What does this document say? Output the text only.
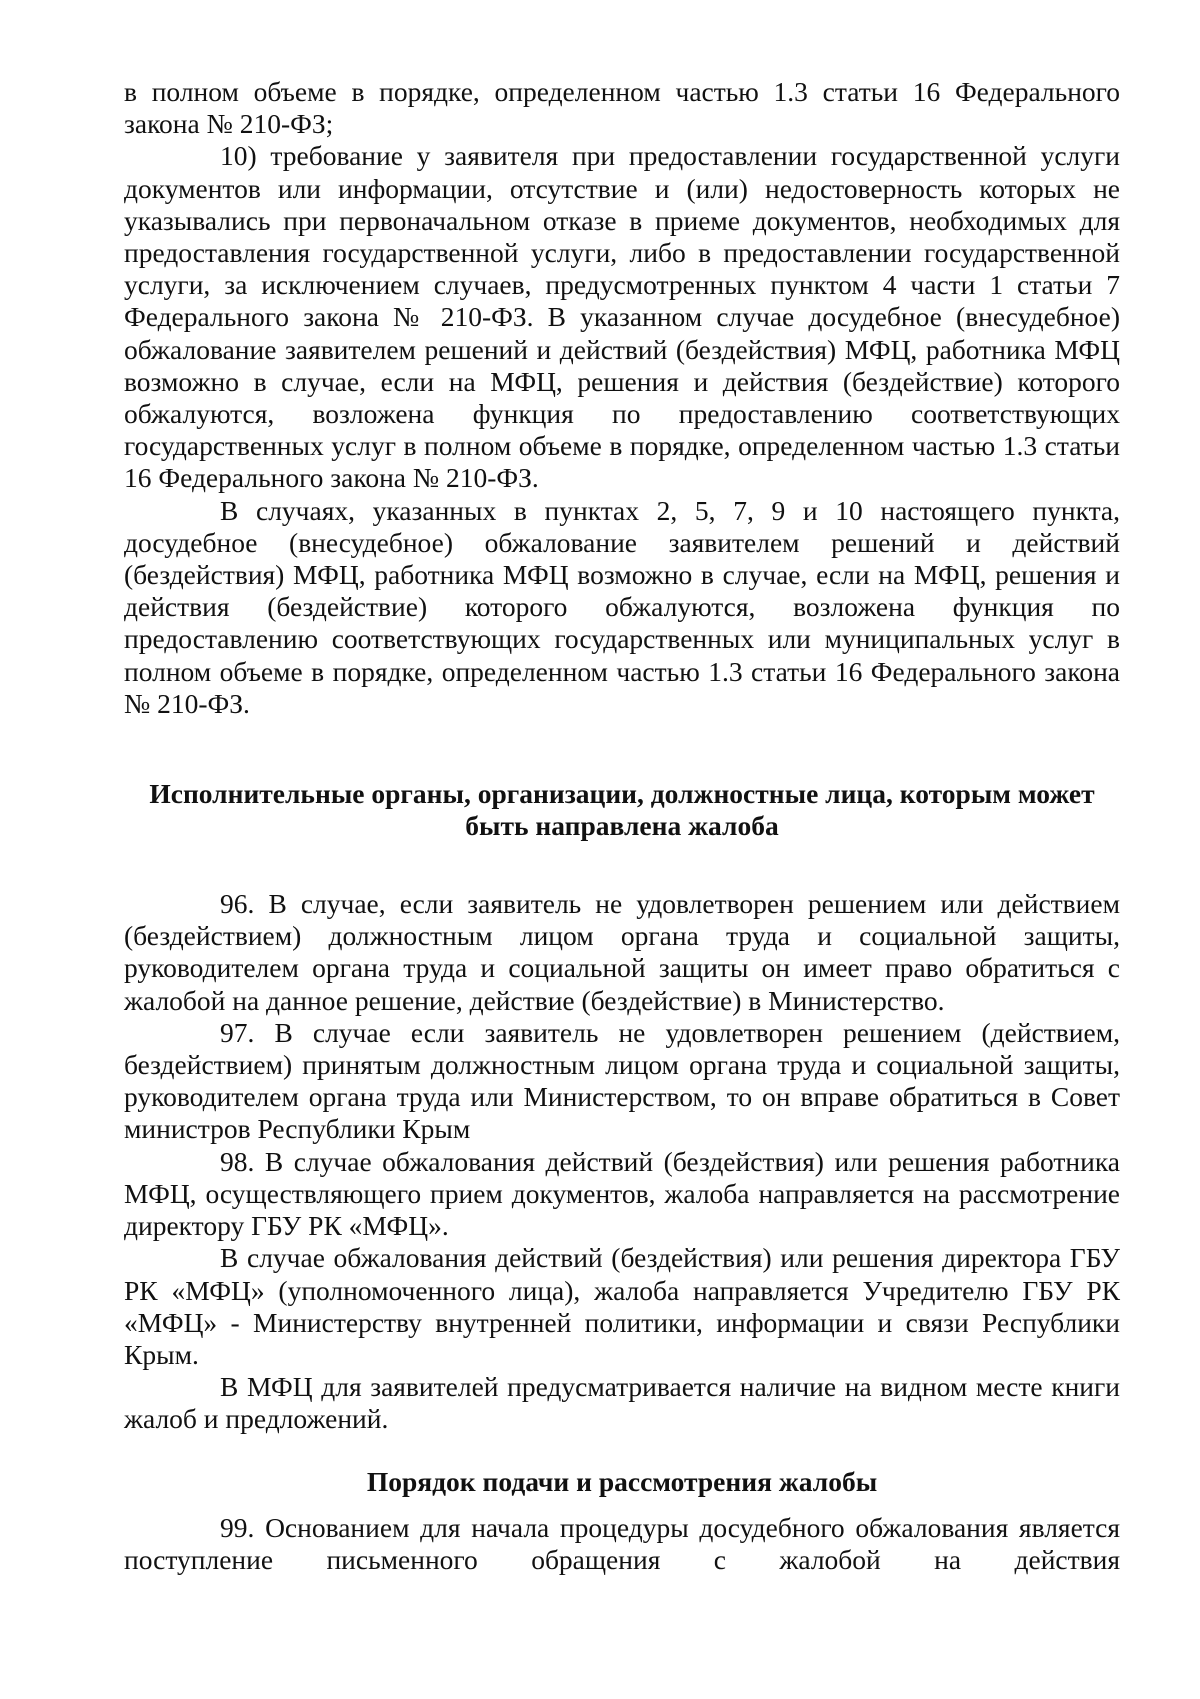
в полном объеме в порядке, определенном частью 1.3 статьи 16 Федерального закона № 210-ФЗ;

10) требование у заявителя при предоставлении государственной услуги документов или информации, отсутствие и (или) недостоверность которых не указывались при первоначальном отказе в приеме документов, необходимых для предоставления государственной услуги, либо в предоставлении государственной услуги, за исключением случаев, предусмотренных пунктом 4 части 1 статьи 7 Федерального закона № 210-ФЗ. В указанном случае досудебное (внесудебное) обжалование заявителем решений и действий (бездействия) МФЦ, работника МФЦ возможно в случае, если на МФЦ, решения и действия (бездействие) которого обжалуются, возложена функция по предоставлению соответствующих государственных услуг в полном объеме в порядке, определенном частью 1.3 статьи 16 Федерального закона № 210-ФЗ.

В случаях, указанных в пунктах 2, 5, 7, 9 и 10 настоящего пункта, досудебное (внесудебное) обжалование заявителем решений и действий (бездействия) МФЦ, работника МФЦ возможно в случае, если на МФЦ, решения и действия (бездействие) которого обжалуются, возложена функция по предоставлению соответствующих государственных или муниципальных услуг в полном объеме в порядке, определенном частью 1.3 статьи 16 Федерального закона № 210-ФЗ.

Исполнительные органы, организации, должностные лица, которым может быть направлена жалоба

96. В случае, если заявитель не удовлетворен решением или действием (бездействием) должностным лицом органа труда и социальной защиты, руководителем органа труда и социальной защиты он имеет право обратиться с жалобой на данное решение, действие (бездействие) в Министерство.

97. В случае если заявитель не удовлетворен решением (действием, бездействием) принятым должностным лицом органа труда и социальной защиты, руководителем органа труда или Министерством, то он вправе обратиться в Совет министров Республики Крым

98. В случае обжалования действий (бездействия) или решения работника МФЦ, осуществляющего прием документов, жалоба направляется на рассмотрение директору ГБУ РК «МФЦ».

В случае обжалования действий (бездействия) или решения директора ГБУ РК «МФЦ» (уполномоченного лица), жалоба направляется Учредителю ГБУ РК «МФЦ» - Министерству внутренней политики, информации и связи Республики Крым.

В МФЦ для заявителей предусматривается наличие на видном месте книги жалоб и предложений.

Порядок подачи и рассмотрения жалобы

99. Основанием для начала процедуры досудебного обжалования является поступление письменного обращения с жалобой на действия
